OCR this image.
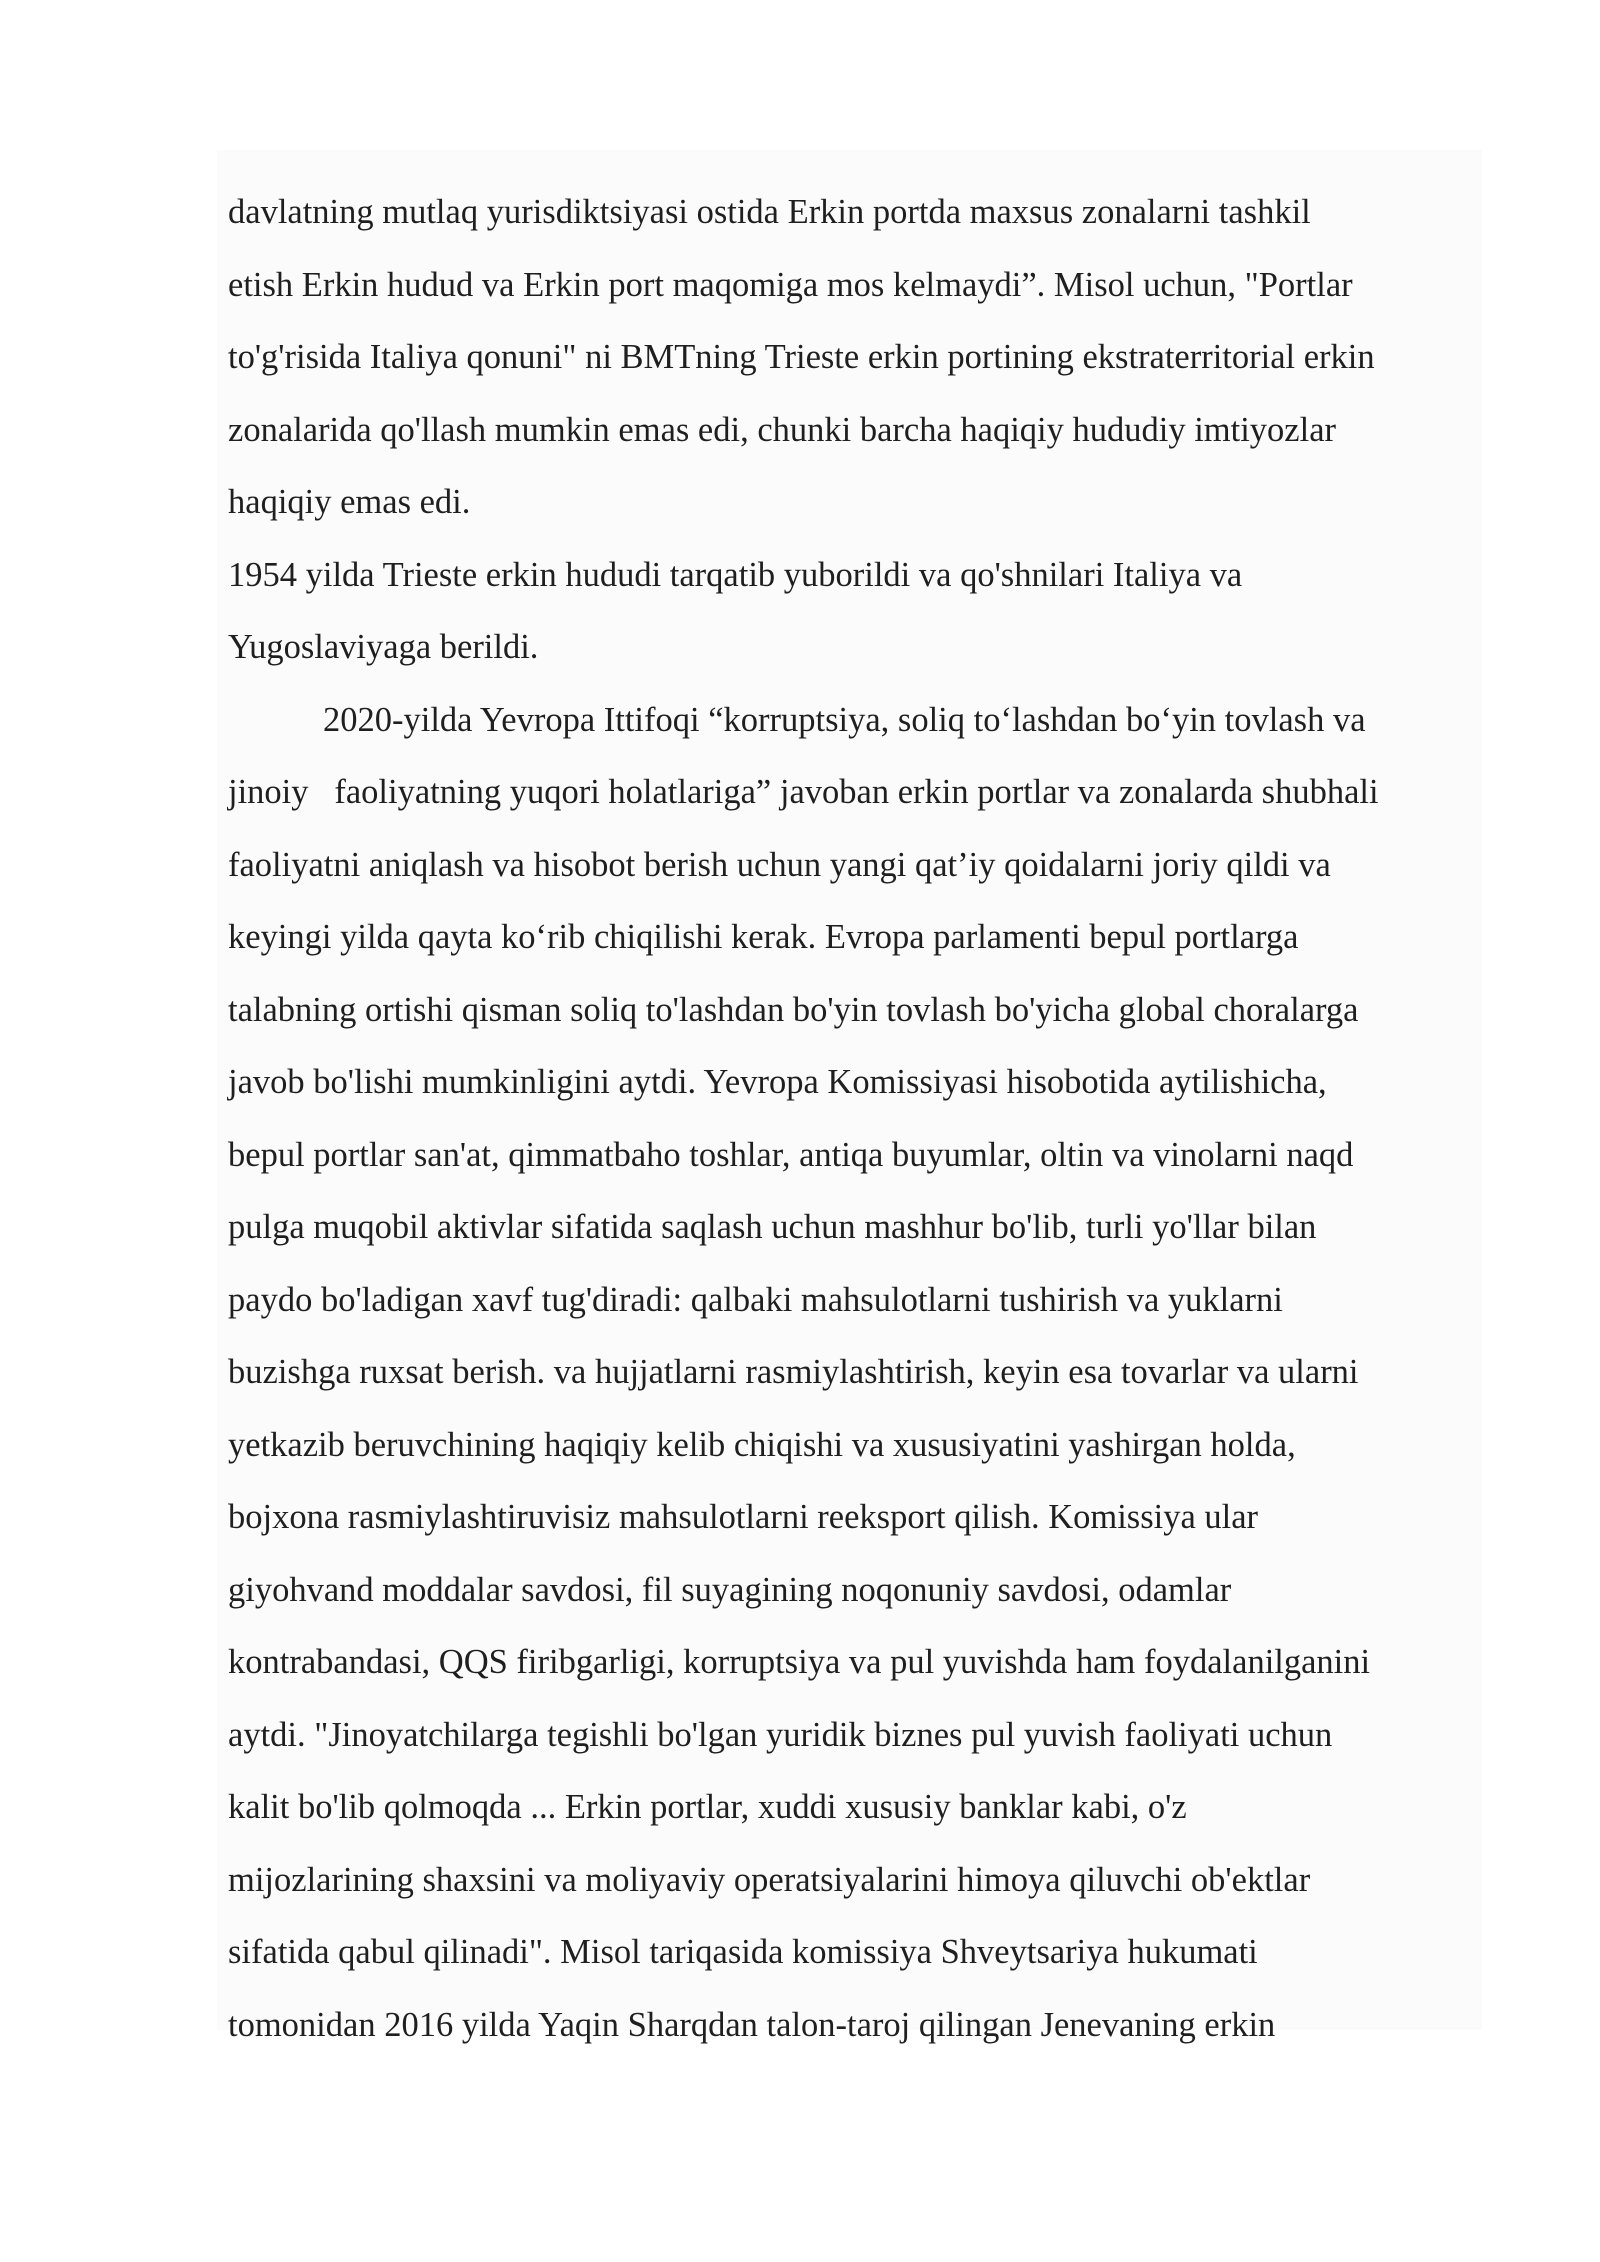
davlatning mutlaq yurisdiktsiyasi ostida Erkin portda maxsus zonalarni tashkil
etish Erkin hudud va Erkin port maqomiga mos kelmaydi”. Misol uchun, "Portlar
to'g'risida Italiya qonuni" ni BMTning Trieste erkin portining ekstraterritorial erkin
zonalarida qo'llash mumkin emas edi, chunki barcha haqiqiy hududiy imtiyozlar
haqiqiy emas edi.
1954 yilda Trieste erkin hududi tarqatib yuborildi va qo'shnilari Italiya va
Yugoslaviyaga berildi.
2020-yilda Yevropa Ittifoqi “korruptsiya, soliq to‘lashdan bo‘yin tovlash va
jinoiy   faoliyatning yuqori holatlariga” javoban erkin portlar va zonalarda shubhali
faoliyatni aniqlash va hisobot berish uchun yangi qat’iy qoidalarni joriy qildi va
keyingi yilda qayta ko‘rib chiqilishi kerak. Evropa parlamenti bepul portlarga
talabning ortishi qisman soliq to'lashdan bo'yin tovlash bo'yicha global choralarga
javob bo'lishi mumkinligini aytdi. Yevropa Komissiyasi hisobotida aytilishicha,
bepul portlar san'at, qimmatbaho toshlar, antiqa buyumlar, oltin va vinolarni naqd
pulga muqobil aktivlar sifatida saqlash uchun mashhur bo'lib, turli yo'llar bilan
paydo bo'ladigan xavf tug'diradi: qalbaki mahsulotlarni tushirish va yuklarni
buzishga ruxsat berish. va hujjatlarni rasmiylashtirish, keyin esa tovarlar va ularni
yetkazib beruvchining haqiqiy kelib chiqishi va xususiyatini yashirgan holda,
bojxona rasmiylashtiruvisiz mahsulotlarni reeksport qilish. Komissiya ular
giyohvand moddalar savdosi, fil suyagining noqonuniy savdosi, odamlar
kontrabandasi, QQS firibgarligi, korruptsiya va pul yuvishda ham foydalanilganini
aytdi. "Jinoyatchilarga tegishli bo'lgan yuridik biznes pul yuvish faoliyati uchun
kalit bo'lib qolmoqda ... Erkin portlar, xuddi xususiy banklar kabi, o'z
mijozlarining shaxsini va moliyaviy operatsiyalarini himoya qiluvchi ob'ektlar
sifatida qabul qilinadi". Misol tariqasida komissiya Shveytsariya hukumati
tomonidan 2016 yilda Yaqin Sharqdan talon-taroj qilingan Jenevaning erkin
